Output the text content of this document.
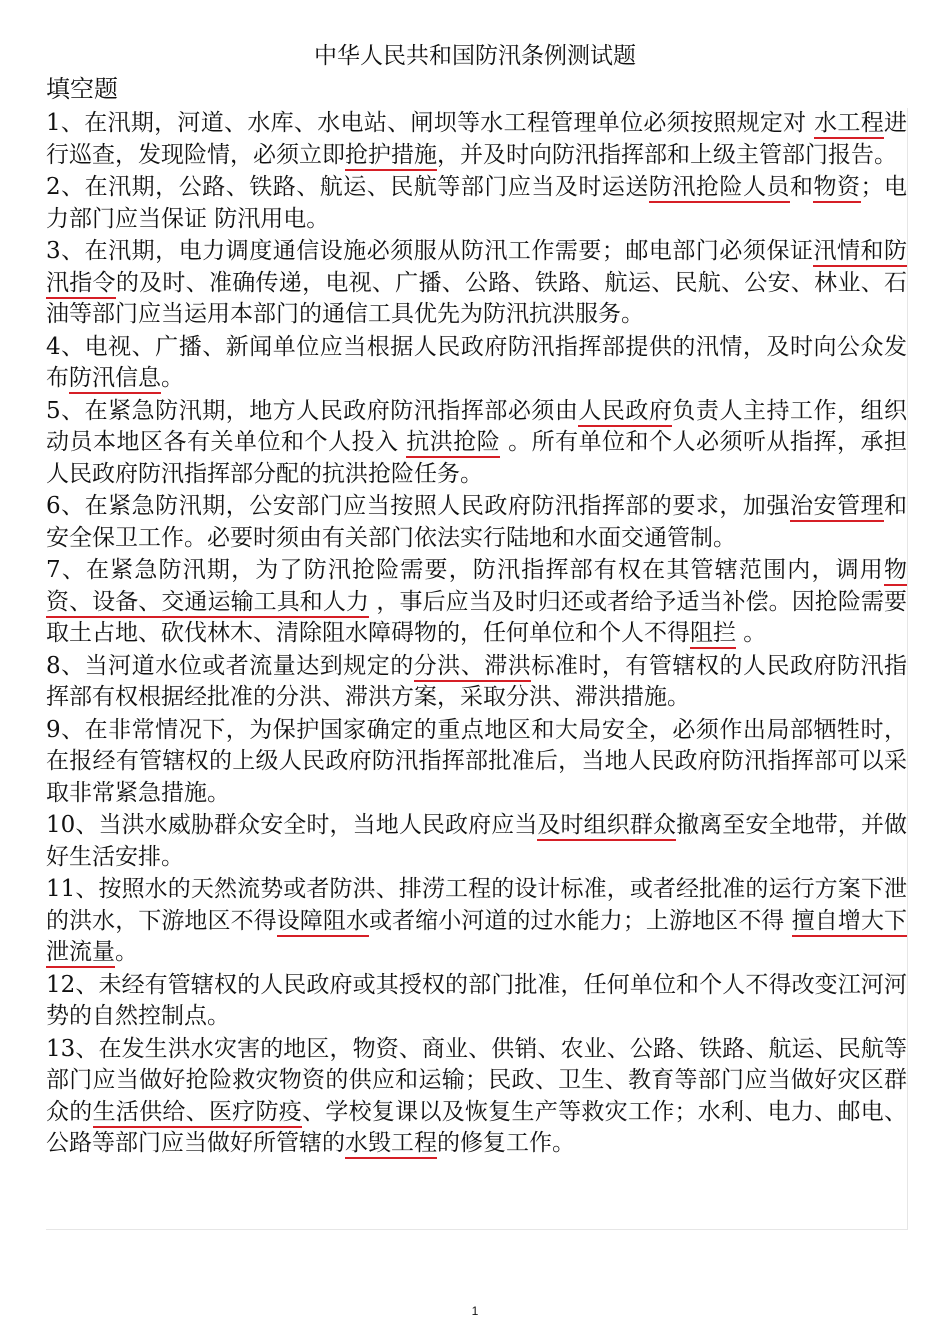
中华人民共和国防汛条例测试题
填空题

1、在汛期，河道、水库、水电站、闸坝等水工程管理单位必须按照规定对 水工程进行巡查，发现险情，必须立即抢护措施，并及时向防汛指挥部和上级主管部门报告。

2、在汛期，公路、铁路、航运、民航等部门应当及时运送防汛抢险人员和物资；电力部门应当保证 防汛用电。

3、在汛期，电力调度通信设施必须服从防汛工作需要；邮电部门必须保证汛情和防汛指令的及时、准确传递，电视、广播、公路、铁路、航运、民航、公安、林业、石油等部门应当运用本部门的通信工具优先为防汛抗洪服务。

4、电视、广播、新闻单位应当根据人民政府防汛指挥部提供的汛情，及时向公众发布防汛信息。

5、在紧急防汛期，地方人民政府防汛指挥部必须由人民政府负责人主持工作，组织动员本地区各有关单位和个人投入 抗洪抢险 。所有单位和个人必须听从指挥，承担人民政府防汛指挥部分配的抗洪抢险任务。

6、在紧急防汛期，公安部门应当按照人民政府防汛指挥部的要求，加强治安管理和安全保卫工作。必要时须由有关部门依法实行陆地和水面交通管制。

7、在紧急防汛期，为了防汛抢险需要，防汛指挥部有权在其管辖范围内，调用物资、设备、交通运输工具和人力 ，事后应当及时归还或者给予适当补偿。因抢险需要取土占地、砍伐林木、清除阻水障碍物的，任何单位和个人不得阻拦 。

8、当河道水位或者流量达到规定的分洪、滞洪标准时，有管辖权的人民政府防汛指挥部有权根据经批准的分洪、滞洪方案，采取分洪、滞洪措施。

9、在非常情况下，为保护国家确定的重点地区和大局安全，必须作出局部牺牲时，在报经有管辖权的上级人民政府防汛指挥部批准后，当地人民政府防汛指挥部可以采取非常紧急措施。

10、当洪水威胁群众安全时，当地人民政府应当及时组织群众撤离至安全地带，并做好生活安排。

11、按照水的天然流势或者防洪、排涝工程的设计标准，或者经批准的运行方案下泄的洪水，下游地区不得设障阻水或者缩小河道的过水能力；上游地区不得 擅自增大下泄流量。

12、未经有管辖权的人民政府或其授权的部门批准，任何单位和个人不得改变江河河势的自然控制点。

13、在发生洪水灾害的地区，物资、商业、供销、农业、公路、铁路、航运、民航等部门应当做好抢险救灾物资的供应和运输；民政、卫生、教育等部门应当做好灾区群众的生活供给、医疗防疫、学校复课以及恢复生产等救灾工作；水利、电力、邮电、公路等部门应当做好所管辖的水毁工程的修复工作。

1
